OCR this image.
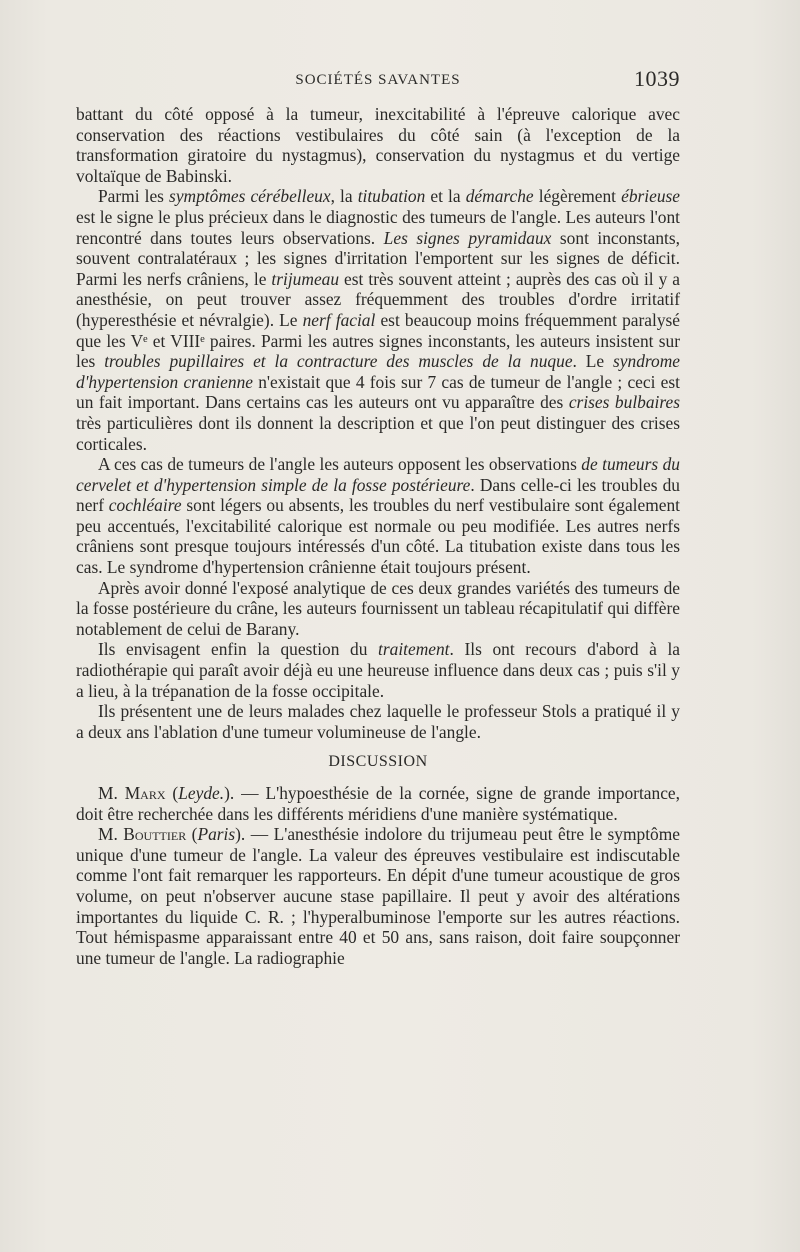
SOCIÉTÉS SAVANTES	1039

battant du côté opposé à la tumeur, inexcitabilité à l'épreuve calorique avec conservation des réactions vestibulaires du côté sain (à l'exception de la transformation giratoire du nystagmus), conservation du nystagmus et du vertige voltaïque de Babinski.

Parmi les symptômes cérébelleux, la titubation et la démarche légèrement ébrieuse est le signe le plus précieux dans le diagnostic des tumeurs de l'angle. Les auteurs l'ont rencontré dans toutes leurs observations. Les signes pyramidaux sont inconstants, souvent contralatéraux ; les signes d'irritation l'emportent sur les signes de déficit. Parmi les nerfs crâniens, le trijumeau est très souvent atteint ; auprès des cas où il y a anesthésie, on peut trouver assez fréquemment des troubles d'ordre irritatif (hyperesthésie et névralgie). Le nerf facial est beaucoup moins fréquemment paralysé que les Vᵉ et VIIIᵉ paires. Parmi les autres signes inconstants, les auteurs insistent sur les troubles pupillaires et la contracture des muscles de la nuque. Le syndrome d'hypertension cranienne n'existait que 4 fois sur 7 cas de tumeur de l'angle ; ceci est un fait important. Dans certains cas les auteurs ont vu apparaître des crises bulbaires très particulières dont ils donnent la description et que l'on peut distinguer des crises corticales.

A ces cas de tumeurs de l'angle les auteurs opposent les observations de tumeurs du cervelet et d'hypertension simple de la fosse postérieure. Dans celle-ci les troubles du nerf cochléaire sont légers ou absents, les troubles du nerf vestibulaire sont également peu accentués, l'excitabilité calorique est normale ou peu modifiée. Les autres nerfs crâniens sont presque toujours intéressés d'un côté. La titubation existe dans tous les cas. Le syndrome d'hypertension crânienne était toujours présent.

Après avoir donné l'exposé analytique de ces deux grandes variétés des tumeurs de la fosse postérieure du crâne, les auteurs fournissent un tableau récapitulatif qui diffère notablement de celui de Barany.

Ils envisagent enfin la question du traitement. Ils ont recours d'abord à la radiothérapie qui paraît avoir déjà eu une heureuse influence dans deux cas ; puis s'il y a lieu, à la trépanation de la fosse occipitale.

Ils présentent une de leurs malades chez laquelle le professeur Stols a pratiqué il y a deux ans l'ablation d'une tumeur volumineuse de l'angle.

DISCUSSION

M. Marx (Leyde.). — L'hypoesthésie de la cornée, signe de grande importance, doit être recherchée dans les différents méridiens d'une manière systématique.

M. Bouttier (Paris). — L'anesthésie indolore du trijumeau peut être le symptôme unique d'une tumeur de l'angle. La valeur des épreuves vestibulaire est indiscutable comme l'ont fait remarquer les rapporteurs. En dépit d'une tumeur acoustique de gros volume, on peut n'observer aucune stase papillaire. Il peut y avoir des altérations importantes du liquide C. R. ; l'hyperalbuminose l'emporte sur les autres réactions. Tout hémispasme apparaissant entre 40 et 50 ans, sans raison, doit faire soupçonner une tumeur de l'angle. La radiographie
